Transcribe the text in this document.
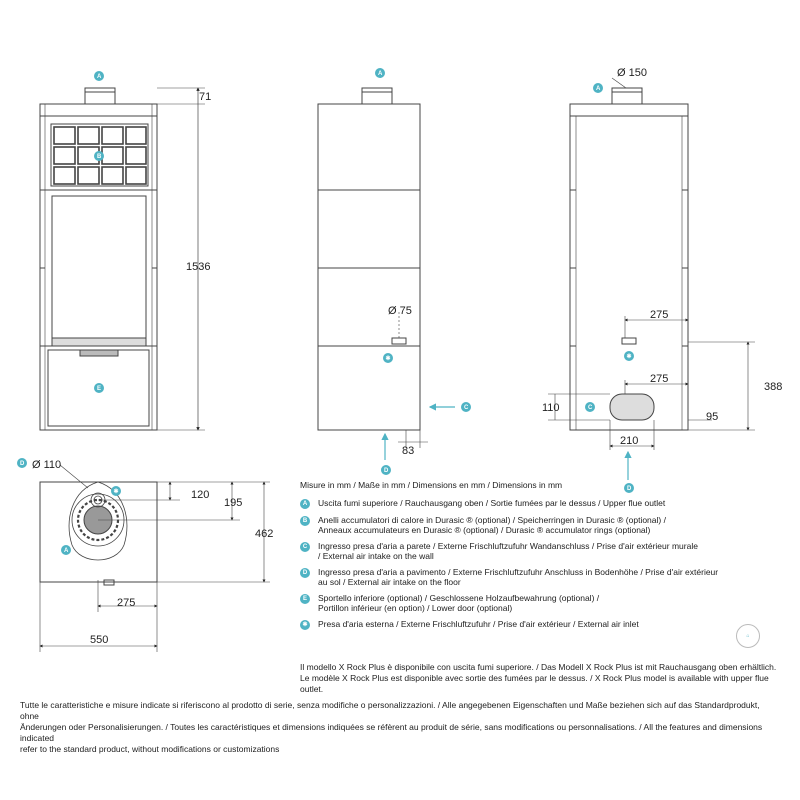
71
1536
A
B
E
Ø 75
83
A
✱
C
D
Ø 150
275
388
275
110
95
210
A
✱
C
D
Ø 110
120
195
462
275
550
D
✱
A
Misure in mm / Maße in mm / Dimensions en mm / Dimensions in mm
A	Uscita fumi superiore / Rauchausgang oben / Sortie fumées par le dessus / Upper flue outlet
B	Anelli accumulatori di calore in Durasic ® (optional) / Speicherringen in Durasic ® (optional) /
Anneaux accumulateurs en Durasic ® (optional) / Durasic ® accumulator rings (optional)
C	Ingresso presa d'aria a parete / Externe Frischluftzufuhr Wandanschluss / Prise d'air extérieur murale
/ External air intake on the wall
D	Ingresso presa d'aria a pavimento / Externe Frischluftzufuhr Anschluss in Bodenhöhe / Prise d'air extérieur
au sol / External air intake on the floor
E	Sportello inferiore (optional) / Geschlossene Holzaufbewahrung (optional) /
Portillon inférieur (en option) / Lower door (optional)
✱ Presa d'aria esterna / Externe Frischluftzufuhr / Prise d'air extérieur / External air inlet
⌂
Il modello X Rock Plus è disponibile con uscita fumi superiore. / Das Modell X Rock Plus ist mit Rauchausgang oben erhältlich.
Le modèle X Rock Plus est disponible avec sortie des fumées par le dessus. / X Rock Plus model is available with upper flue outlet.
Tutte le caratteristiche e misure indicate si riferiscono al prodotto di serie, senza modifiche o personalizzazioni. / Alle angegebenen Eigenschaften und Maße beziehen sich auf das Standardprodukt, ohne
Änderungen oder Personalisierungen. / Toutes les caractéristiques et dimensions indiquées se réfèrent au produit de série, sans modifications ou personnalisations. / All the features and dimensions indicated
refer to the standard product, without modifications or customizations
